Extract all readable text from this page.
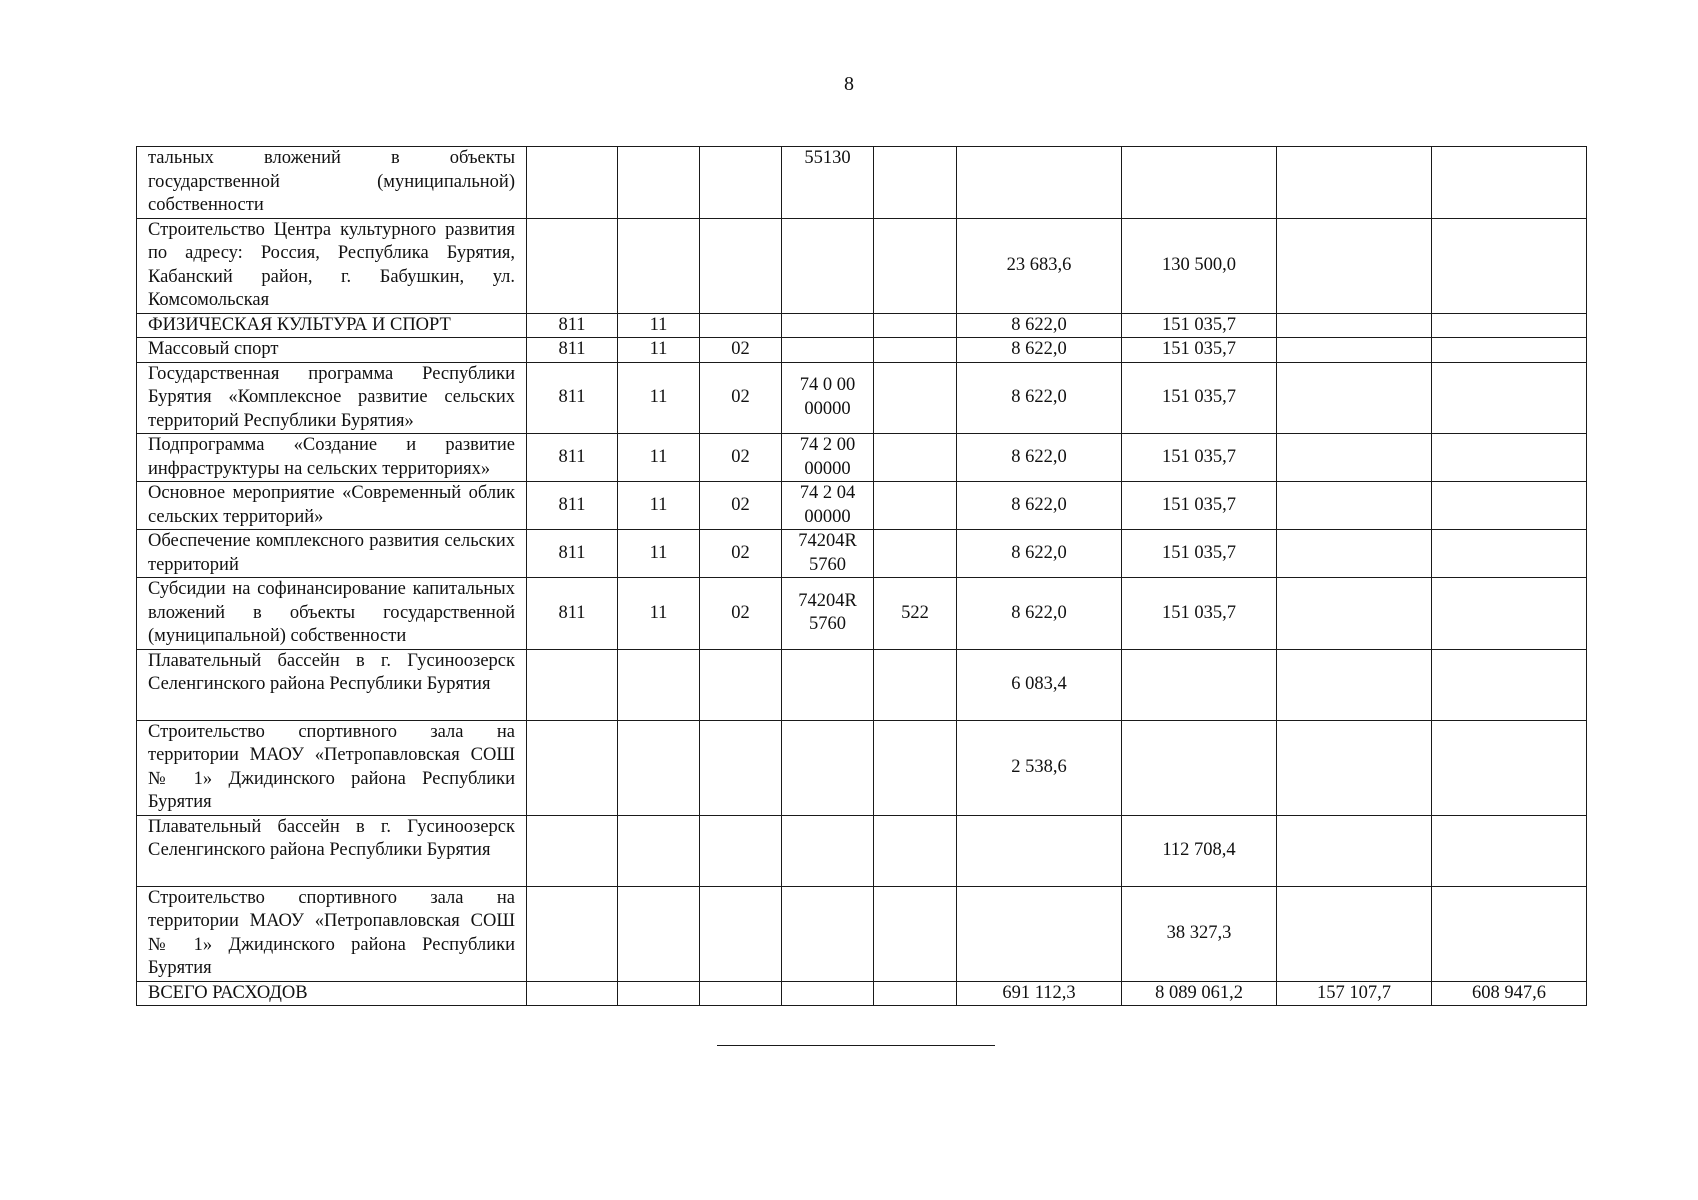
8
тальных вложений в объекты государственной (муниципальной) собственности				55130					
Строительство Центра культурного развития по адресу: Россия, Республика Бурятия, Кабанский район, г. Бабушкин, ул. Комсомольская						23 683,6	130 500,0		
ФИЗИЧЕСКАЯ КУЛЬТУРА И СПОРТ	811	11				8 622,0	151 035,7		
Массовый спорт	811	11	02			8 622,0	151 035,7		
Государственная программа Республики Бурятия «Комплексное развитие сельских территорий Республики Бурятия»	811	11	02	74 0 00 00000		8 622,0	151 035,7		
Подпрограмма «Создание и развитие инфраструктуры на сельских территориях»	811	11	02	74 2 00 00000		8 622,0	151 035,7		
Основное мероприятие «Современный облик сельских территорий»	811	11	02	74 2 04 00000		8 622,0	151 035,7		
Обеспечение комплексного развития сельских территорий	811	11	02	74204R 5760		8 622,0	151 035,7		
Субсидии на софинансирование капитальных вложений в объекты государственной (муниципальной) собственности	811	11	02	74204R 5760	522	8 622,0	151 035,7		
Плавательный бассейн в г. Гусиноозерск Селенгинского района Республики Бурятия						6 083,4			
Строительство спортивного зала на территории МАОУ «Петропавловская СОШ № 1» Джидинского района Республики Бурятия						2 538,6			
Плавательный бассейн в г. Гусиноозерск Селенгинского района Республики Бурятия							112 708,4		
Строительство спортивного зала на территории МАОУ «Петропавловская СОШ № 1» Джидинского района Республики Бурятия							38 327,3		
ВСЕГО РАСХОДОВ						691 112,3	8 089 061,2	157 107,7	608 947,6
